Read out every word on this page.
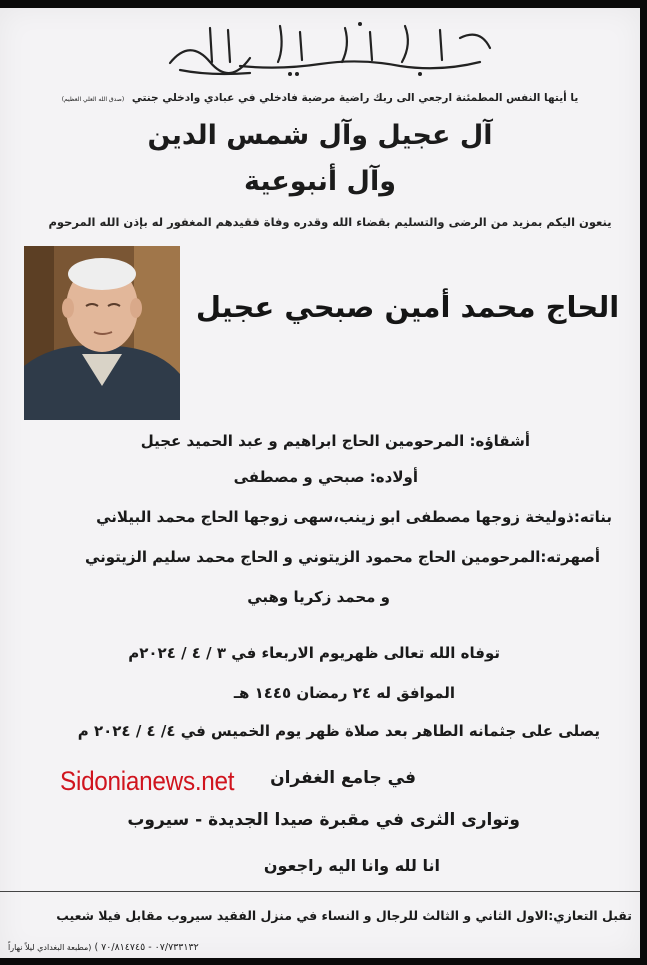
سبحان الحي الذي لا يموت
يا أيتها النفس المطمئنة ارجعي الى ربك راضية مرضية فادخلي في عبادي وادخلي جنتي (صدق الله العلي العظيم)
آل عجيل وآل شمس الدين
وآل أنبوعية
ينعون اليكم بمزيد من الرضى والتسليم بقضاء الله وقدره وفاة فقيدهم المغفور له بإذن الله المرحوم
الحاج محمد أمين صبحي عجيل
أشقاؤه: المرحومين الحاج ابراهيم و عبد الحميد عجيل
أولاده: صبحي و مصطفى
بناته:ذوليخة زوجها مصطفى ابو زينب،سهى زوجها الحاج محمد البيلاني
أصهرته:المرحومين الحاج محمود الزيتوني و الحاج محمد سليم الزيتوني
و محمد زكريا وهبي
توفاه الله تعالى ظهريوم الاربعاء في ٣ / ٤ / ٢٠٢٤م
الموافق له ٢٤ رمضان ١٤٤٥ هـ
يصلى على جثمانه الطاهر بعد صلاة ظهر يوم الخميس في ٤/ ٤ / ٢٠٢٤ م
في جامع الغفران
وتوارى الثرى في مقبرة صيدا الجديدة - سيروب
انا لله وانا اليه راجعون
Sidonianews.net
تقبل التعازي:الاول الثاني و الثالث للرجال و النساء في منزل الفقيد سيروب مقابل فيلا شعيب
٠٧/٧٣٣١٣٢ - ٧٠/٨١٤٧٤٥ ) (مطبعة البغدادي ليلاً نهاراً
